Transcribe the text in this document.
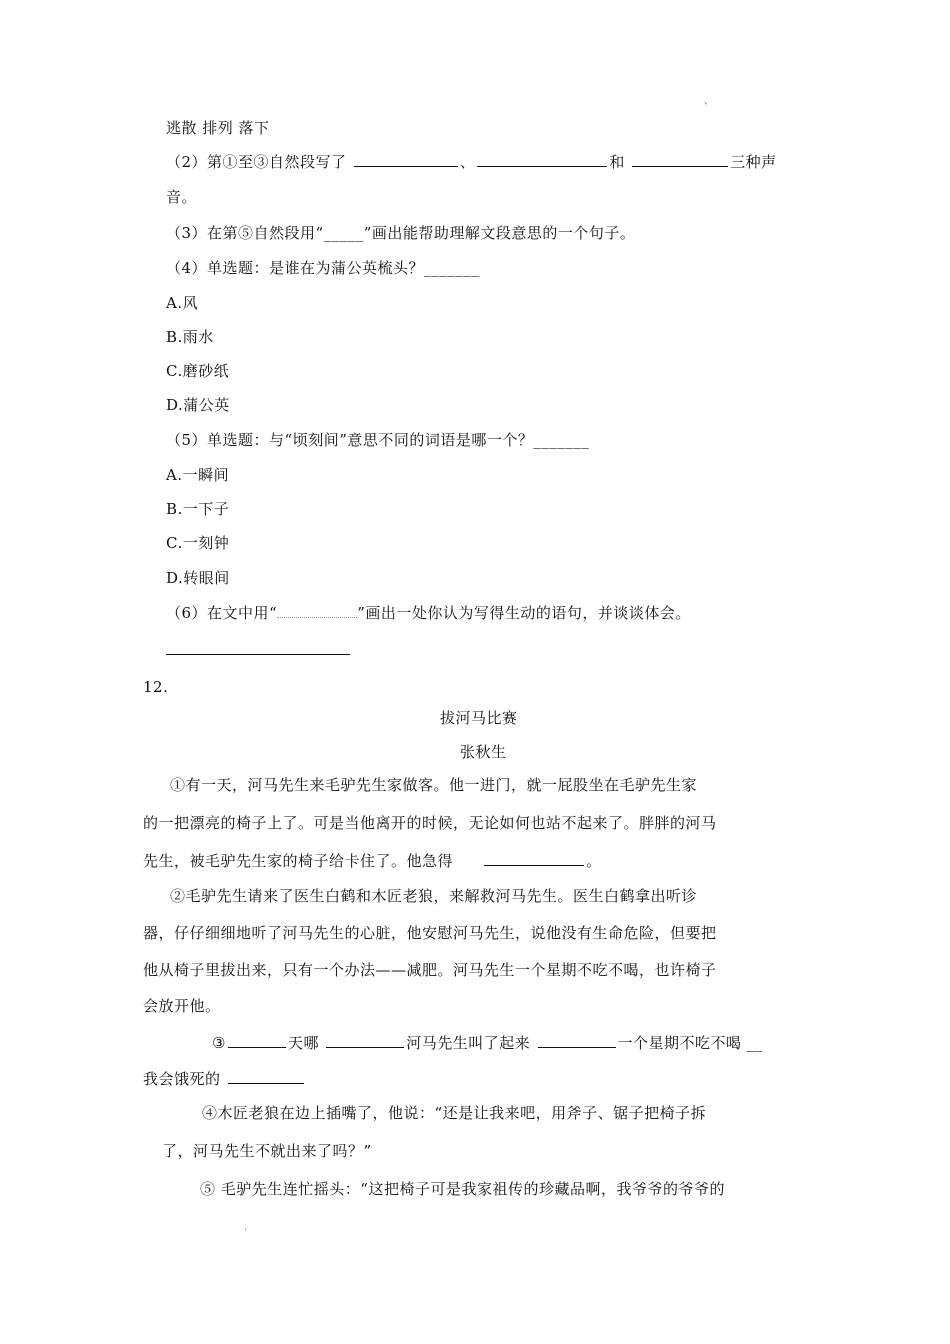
、
逃散 排列 落下
（2）第①至③自然段写了	、	和	三种声
音。
（3）在第⑤自然段用“_____”画出能帮助理解文段意思的一个句子。
（4）单选题：是谁在为蒲公英梳头？_______
A.风
B.雨水
C.磨砂纸
D.蒲公英
（5）单选题：与“顷刻间”意思不同的词语是哪一个？_______
A.一瞬间
B.一下子
C.一刻钟
D.转眼间
（6）在文中用“	”画出一处你认为写得生动的语句，并谈谈体会。
12.
拔河马比赛
张秋生
①有一天，河马先生来毛驴先生家做客。他一进门，就一屁股坐在毛驴先生家
的一把漂亮的椅子上了。可是当他离开的时候，无论如何也站不起来了。胖胖的河马
先生，被毛驴先生家的椅子给卡住了。他急得	。
②毛驴先生请来了医生白鹤和木匠老狼，来解救河马先生。医生白鹤拿出听诊
器，仔仔细细地听了河马先生的心脏，他安慰河马先生，说他没有生命危险，但要把
他从椅子里拔出来，只有一个办法——减肥。河马先生一个星期不吃不喝，也许椅子
会放开他。
③	天哪	河马先生叫了起来	一个星期不吃不喝 __
我会饿死的
④木匠老狼在边上插嘴了，他说：“还是让我来吧，用斧子、锯子把椅子拆
了，河马先生不就出来了吗？”
⑤ 毛驴先生连忙摇头：“这把椅子可是我家祖传的珍藏品啊，我爷爷的爷爷的
.
